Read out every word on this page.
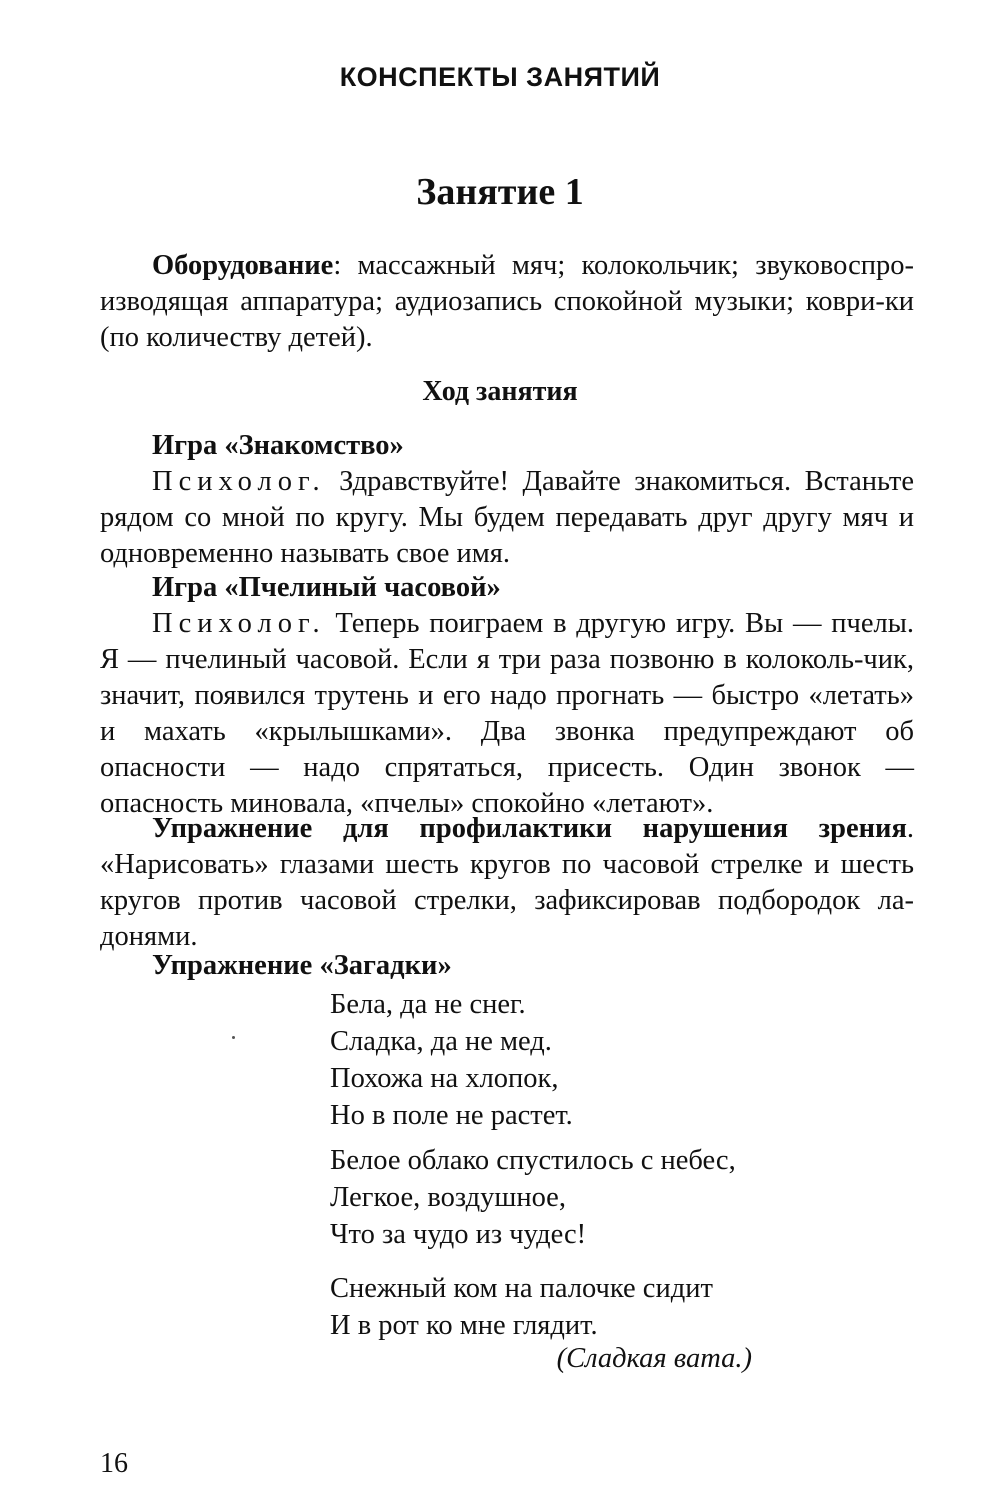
КОНСПЕКТЫ ЗАНЯТИЙ
Занятие 1
Оборудование: массажный мяч; колокольчик; звуковоспро-изводящая аппаратура; аудиозапись спокойной музыки; коври-ки (по количеству детей).
Ход занятия
Игра «Знакомство»
Психолог. Здравствуйте! Давайте знакомиться. Встаньте рядом со мной по кругу. Мы будем передавать друг другу мяч и одновременно называть свое имя.
Игра «Пчелиный часовой»
Психолог. Теперь поиграем в другую игру. Вы — пчелы. Я — пчелиный часовой. Если я три раза позвоню в колоколь-чик, значит, появился трутень и его надо прогнать — быстро «летать» и махать «крылышками». Два звонка предупреждают об опасности — надо спрятаться, присесть. Один звонок — опасность миновала, «пчелы» спокойно «летают».
Упражнение для профилактики нарушения зрения. «Нарисовать» глазами шесть кругов по часовой стрелке и шесть кругов против часовой стрелки, зафиксировав подбородок ла-донями.
Упражнение «Загадки»
Бела, да не снег.
Сладка, да не мед.
Похожа на хлопок,
Но в поле не растет.
Белое облако спустилось с небес,
Легкое, воздушное,
Что за чудо из чудес!
Снежный ком на палочке сидит
И в рот ко мне глядит.
(Сладкая вата.)
16
